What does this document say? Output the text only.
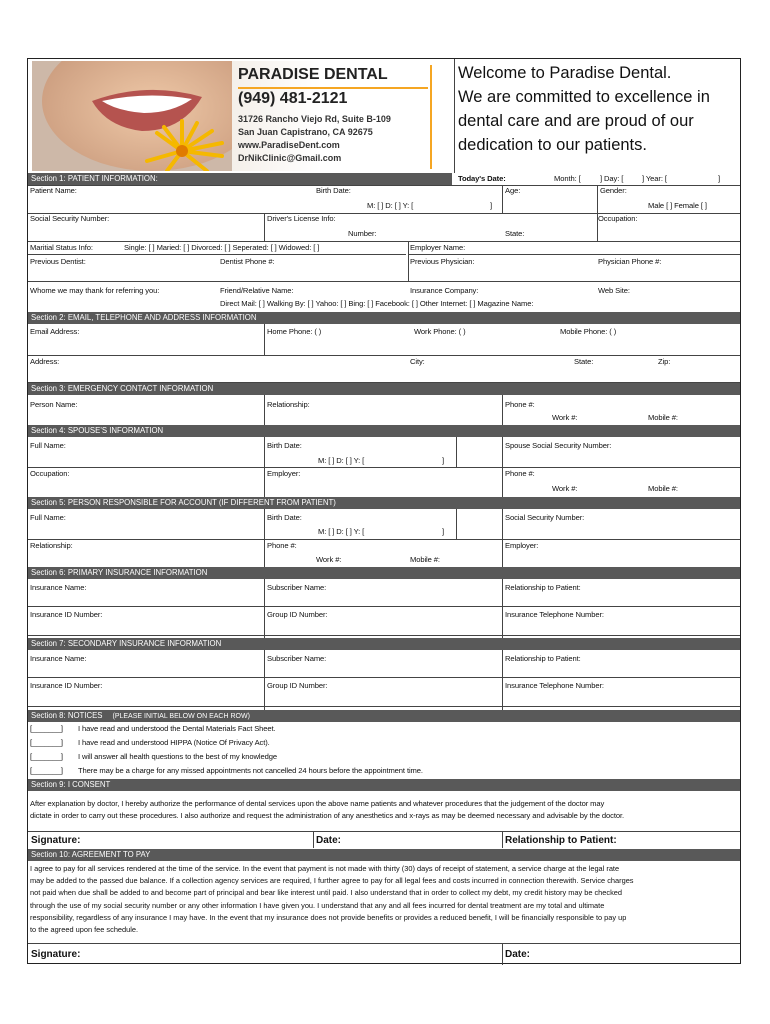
PARADISE DENTAL
(949) 481-2121
31726 Rancho Viejo Rd, Suite B-109
San Juan Capistrano, CA 92675
www.ParadiseDent.com
DrNikClinic@Gmail.com
Welcome to Paradise Dental.
We are committed to excellence in
dental care and are proud of our
dedication to our patients.
Section 1: PATIENT INFORMATION:	Today's Date:	Month: [	] Day: [ ] Year: [	]
Patient Name:	Birth Date:
M: [ ] D: [ ] Y: [	]
Age:	Gender:
Male [ ] Female [ ]
Social Security Number:	Driver's License Info:	Occupation:
Number:	State:
Maritial Status Info:	Single: [ ] Maried: [ ] Divorced: [ ] Seperated: [ ] Widowed: [ ]	Employer Name:
Previous Dentist:	Dentist Phone #:	Previous Physician:	Physician Phone #:
Whome we may thank for referring you:	Friend/Relative Name:	Insurance Company:	Web Site:
Direct Mail: [ ] Walking By: [ ] Yahoo: [ ] Bing: [ ] Facebook: [ ] Other Internet: [ ] Magazine Name:
Section 2: EMAIL, TELEPHONE AND ADDRESS INFORMATION
Email Address:	Home Phone: ( )	Work Phone: ( )	Mobile Phone: ( )
Address:	City:	State:	Zip:
Section 3: EMERGENCY CONTACT INFORMATION
Person Name:	Relationship:	Phone #:
Work #:	Mobile #:
Section 4: SPOUSE'S INFORMATION
Full Name:	Birth Date:
M: [ ] D: [ ] Y: [	]
Spouse Social Security Number:
Occupation:	Employer:	Phone #:
Work #:	Mobile #:
Section 5: PERSON RESPONSIBLE FOR ACCOUNT (IF DIFFERENT FROM PATIENT)
Full Name:	Birth Date:
M: [ ] D: [ ] Y: [	]
Social Security Number:
Relationship:	Phone #:	Employer:
Work #:	Mobile #:
Section 6: PRIMARY INSURANCE INFORMATION
Insurance Name:	Subscriber Name:	Relationship to Patient:
Insurance ID Number:	Group ID Number:	Insurance Telephone Number:
Section 7: SECONDARY INSURANCE INFORMATION
Insurance Name:	Subscriber Name:	Relationship to Patient:
Insurance ID Number:	Group ID Number:	Insurance Telephone Number:
Section 8: NOTICES (PLEASE INITIAL BELOW ON EACH ROW)
[_______] I have read and understood the Dental Materials Fact Sheet.
[_______] I have read and understood HIPPA (Notice Of Privacy Act).
[_______] I will answer all health questions to the best of my knowledge
[_______] There may be a charge for any missed appointments not cancelled 24 hours before the appointment time.
Section 9: I CONSENT
After explanation by doctor, I hereby authorize the performance of dental services upon the above name patients and whatever procedures that the judgement of the doctor may
dictate in order to carry out these procedures. I also authorize and request the administration of any anesthetics and x-rays as may be deemed necessary and advisable by the doctor.
Signature:	Date:	Relationship to Patient:
Section 10: AGREEMENT TO PAY
I agree to pay for all services rendered at the time of the service. In the event that payment is not made with thirty (30) days of receipt of statement, a service charge at the legal rate
may be added to the passed due balance. If a collection agency services are required, I further agree to pay for all legal fees and costs incurred in connection therewith. Service charges
not paid when due shall be added to and become part of principal and bear like interest until paid. I also understand that in order to collect my debt, my credit history may be checked
through the use of my social security number or any other information I have given you. I understand that any and all fees incurred for dental treatment are my total and ultimate
responsibility, regardless of any insurance I may have. In the event that my insurance does not provide benefits or provides a reduced benefit, I will be financially responsible to pay up
to the agreed upon fee schedule.
Signature:	Date:
